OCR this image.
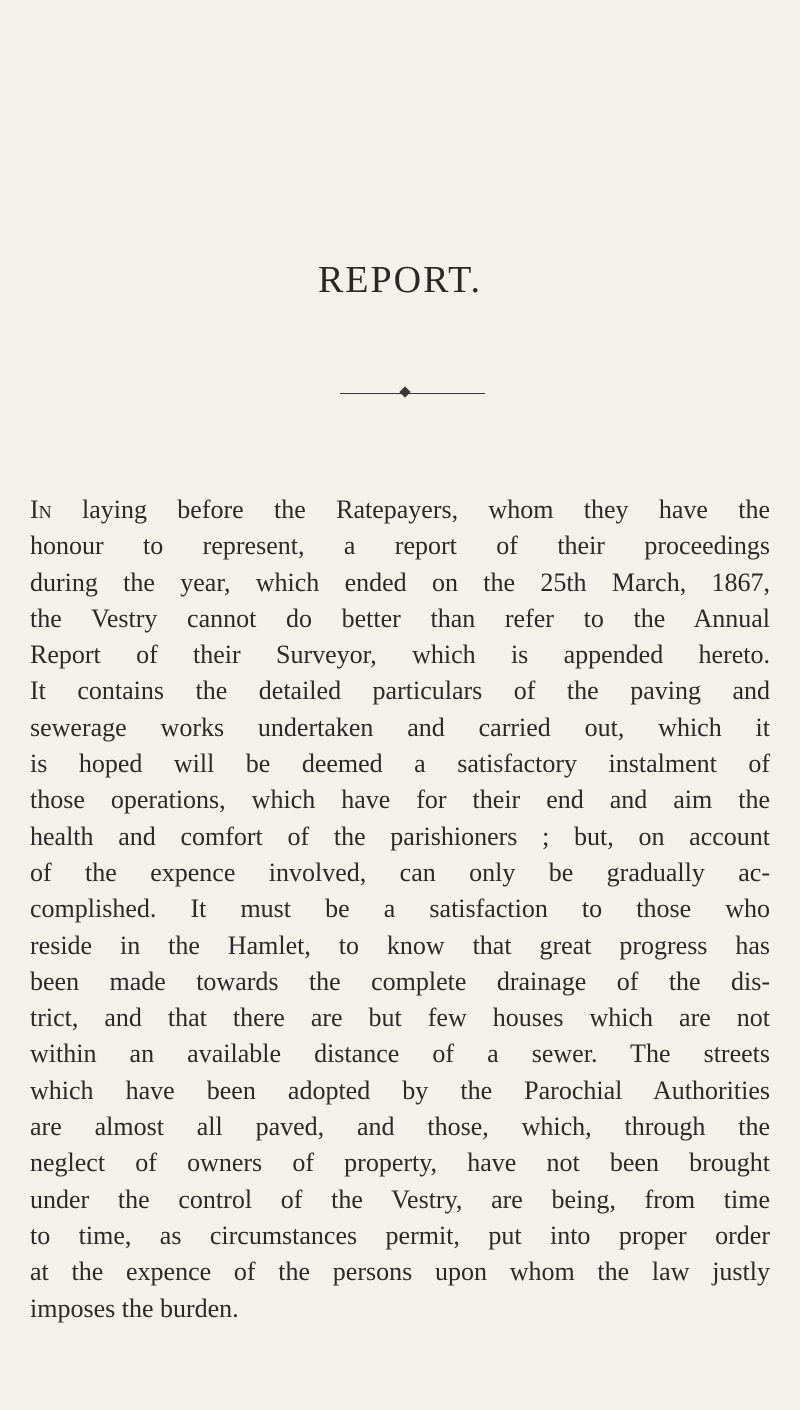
REPORT.
In laying before the Ratepayers, whom they have the
honour to represent, a report of their proceedings
during the year, which ended on the 25th March, 1867,
the Vestry cannot do better than refer to the Annual
Report of their Surveyor, which is appended hereto.
It contains the detailed particulars of the paving and
sewerage works undertaken and carried out, which it
is hoped will be deemed a satisfactory instalment of
those operations, which have for their end and aim the
health and comfort of the parishioners ; but, on account
of the expence involved, can only be gradually ac-
complished. It must be a satisfaction to those who
reside in the Hamlet, to know that great progress has
been made towards the complete drainage of the dis-
trict, and that there are but few houses which are not
within an available distance of a sewer. The streets
which have been adopted by the Parochial Authorities
are almost all paved, and those, which, through the
neglect of owners of property, have not been brought
under the control of the Vestry, are being, from time
to time, as circumstances permit, put into proper order
at the expence of the persons upon whom the law justly
imposes the burden.
